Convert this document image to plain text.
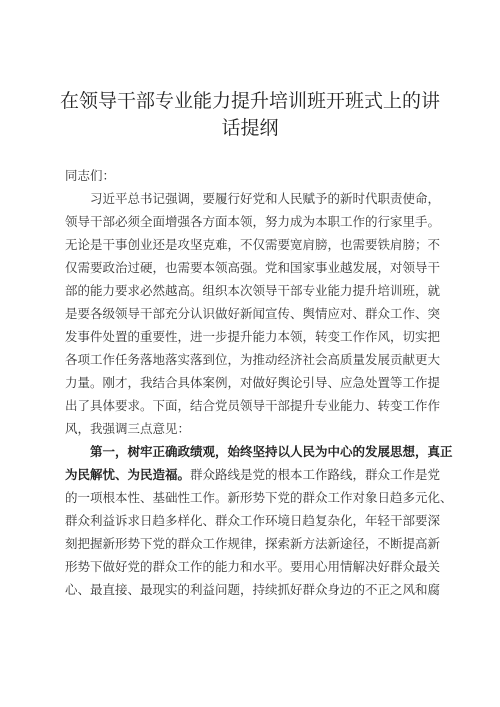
在领导干部专业能力提升培训班开班式上的讲
话提纲
同志们：
习近平总书记强调，要履行好党和人民赋予的新时代职责使命，
领导干部必须全面增强各方面本领，努力成为本职工作的行家里手。
无论是干事创业还是攻坚克难，不仅需要宽肩膀，也需要铁肩膀；不
仅需要政治过硬，也需要本领高强。党和国家事业越发展，对领导干
部的能力要求必然越高。组织本次领导干部专业能力提升培训班，就
是要各级领导干部充分认识做好新闻宣传、舆情应对、群众工作、突
发事件处置的重要性，进一步提升能力本领，转变工作作风，切实把
各项工作任务落地落实落到位，为推动经济社会高质量发展贡献更大
力量。刚才，我结合具体案例，对做好舆论引导、应急处置等工作提
出了具体要求。下面，结合党员领导干部提升专业能力、转变工作作
风，我强调三点意见：
第一，树牢正确政绩观，始终坚持以人民为中心的发展思想，真正
为民解忧、为民造福。群众路线是党的根本工作路线，群众工作是党
的一项根本性、基础性工作。新形势下党的群众工作对象日趋多元化、
群众利益诉求日趋多样化、群众工作环境日趋复杂化，年轻干部要深
刻把握新形势下党的群众工作规律，探索新方法新途径，不断提高新
形势下做好党的群众工作的能力和水平。要用心用情解决好群众最关
心、最直接、最现实的利益问题，持续抓好群众身边的不正之风和腐
